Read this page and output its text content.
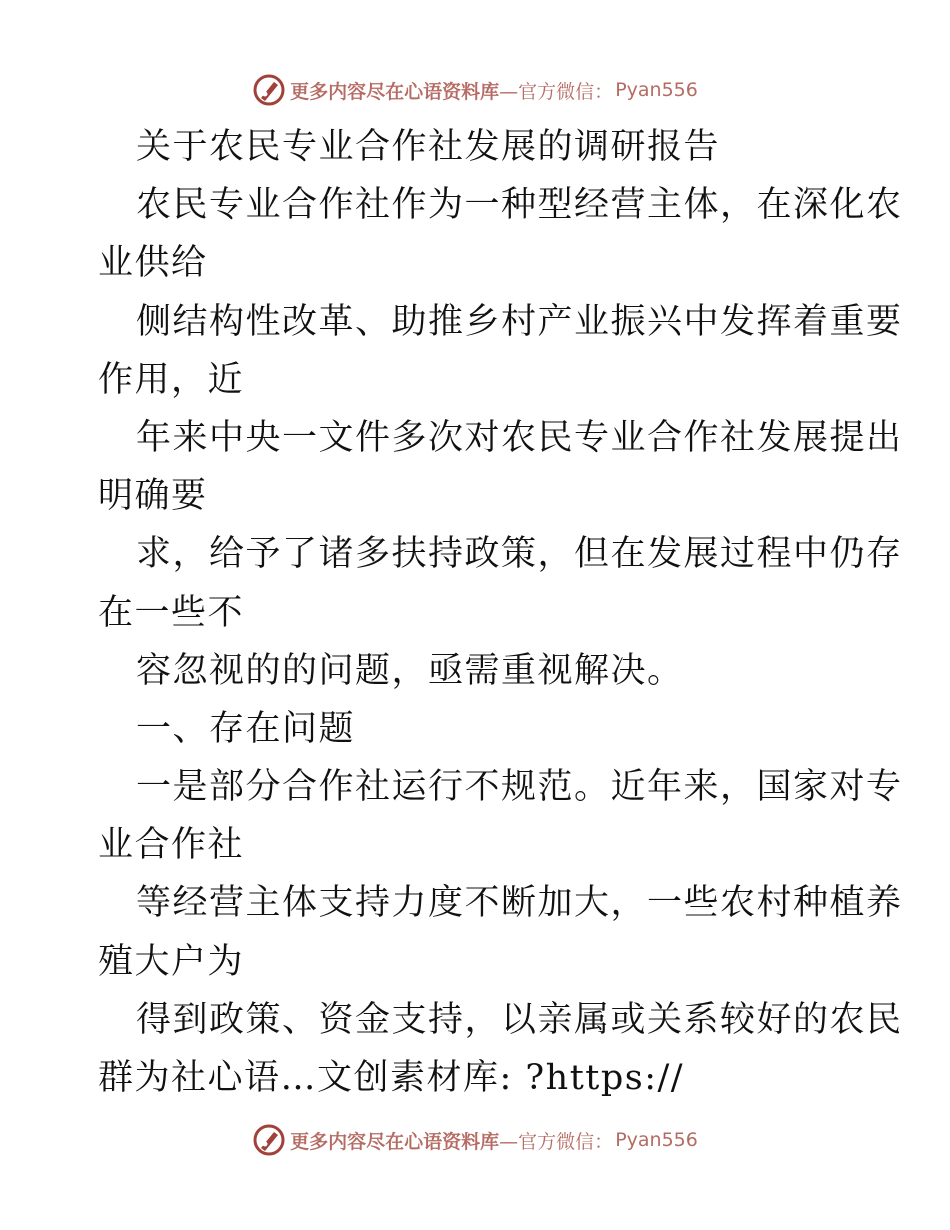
更多内容尽在心语资料库 —官方微信： Pyan556
关于农民专业合作社发展的调研报告
农民专业合作社作为一种型经营主体，在深化农
业供给
侧结构性改革、助推乡村产业振兴中发挥着重要
作用，近
年来中央一文件多次对农民专业合作社发展提出
明确要
求，给予了诸多扶持政策，但在发展过程中仍存
在一些不
容忽视的的问题，亟需重视解决。
一、存在问题
一是部分合作社运行不规范。近年来，国家对专
业合作社
等经营主体支持力度不断加大，一些农村种植养
殖大户为
得到政策、资金支持，以亲属或关系较好的农民
群为社心语…文创素材库: ?https://
更多内容尽在心语资料库 —官方微信： Pyan556
